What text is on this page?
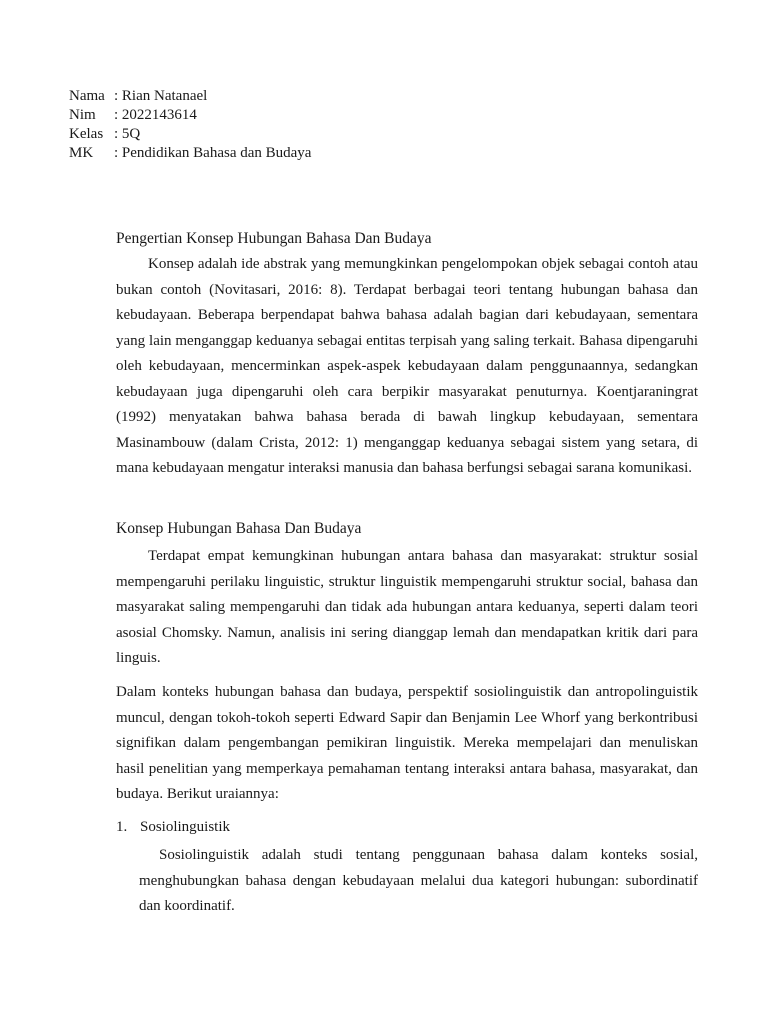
Nama : Rian Natanael
Nim	: 2022143614
Kelas : 5Q
MK	: Pendidikan Bahasa dan Budaya
Pengertian Konsep Hubungan Bahasa Dan Budaya

Konsep adalah ide abstrak yang memungkinkan pengelompokan objek sebagai contoh atau bukan contoh (Novitasari, 2016: 8). Terdapat berbagai teori tentang hubungan bahasa dan kebudayaan. Beberapa berpendapat bahwa bahasa adalah bagian dari kebudayaan, sementara yang lain menganggap keduanya sebagai entitas terpisah yang saling terkait. Bahasa dipengaruhi oleh kebudayaan, mencerminkan aspek-aspek kebudayaan dalam penggunaannya, sedangkan kebudayaan juga dipengaruhi oleh cara berpikir masyarakat penuturnya. Koentjaraningrat (1992) menyatakan bahwa bahasa berada di bawah lingkup kebudayaan, sementara Masinambouw (dalam Crista, 2012: 1) menganggap keduanya sebagai sistem yang setara, di mana kebudayaan mengatur interaksi manusia dan bahasa berfungsi sebagai sarana komunikasi.

Konsep Hubungan Bahasa Dan Budaya

Terdapat empat kemungkinan hubungan antara bahasa dan masyarakat: struktur sosial mempengaruhi perilaku linguistic, struktur linguistik mempengaruhi struktur social, bahasa dan masyarakat saling mempengaruhi dan tidak ada hubungan antara keduanya, seperti dalam teori asosial Chomsky. Namun, analisis ini sering dianggap lemah dan mendapatkan kritik dari para linguis.

Dalam konteks hubungan bahasa dan budaya, perspektif sosiolinguistik dan antropolinguistik muncul, dengan tokoh-tokoh seperti Edward Sapir dan Benjamin Lee Whorf yang berkontribusi signifikan dalam pengembangan pemikiran linguistik. Mereka mempelajari dan menuliskan hasil penelitian yang memperkaya pemahaman tentang interaksi antara bahasa, masyarakat, dan budaya. Berikut uraiannya:

1. Sosiolinguistik

Sosiolinguistik adalah studi tentang penggunaan bahasa dalam konteks sosial, menghubungkan bahasa dengan kebudayaan melalui dua kategori hubungan: subordinatif dan koordinatif.
